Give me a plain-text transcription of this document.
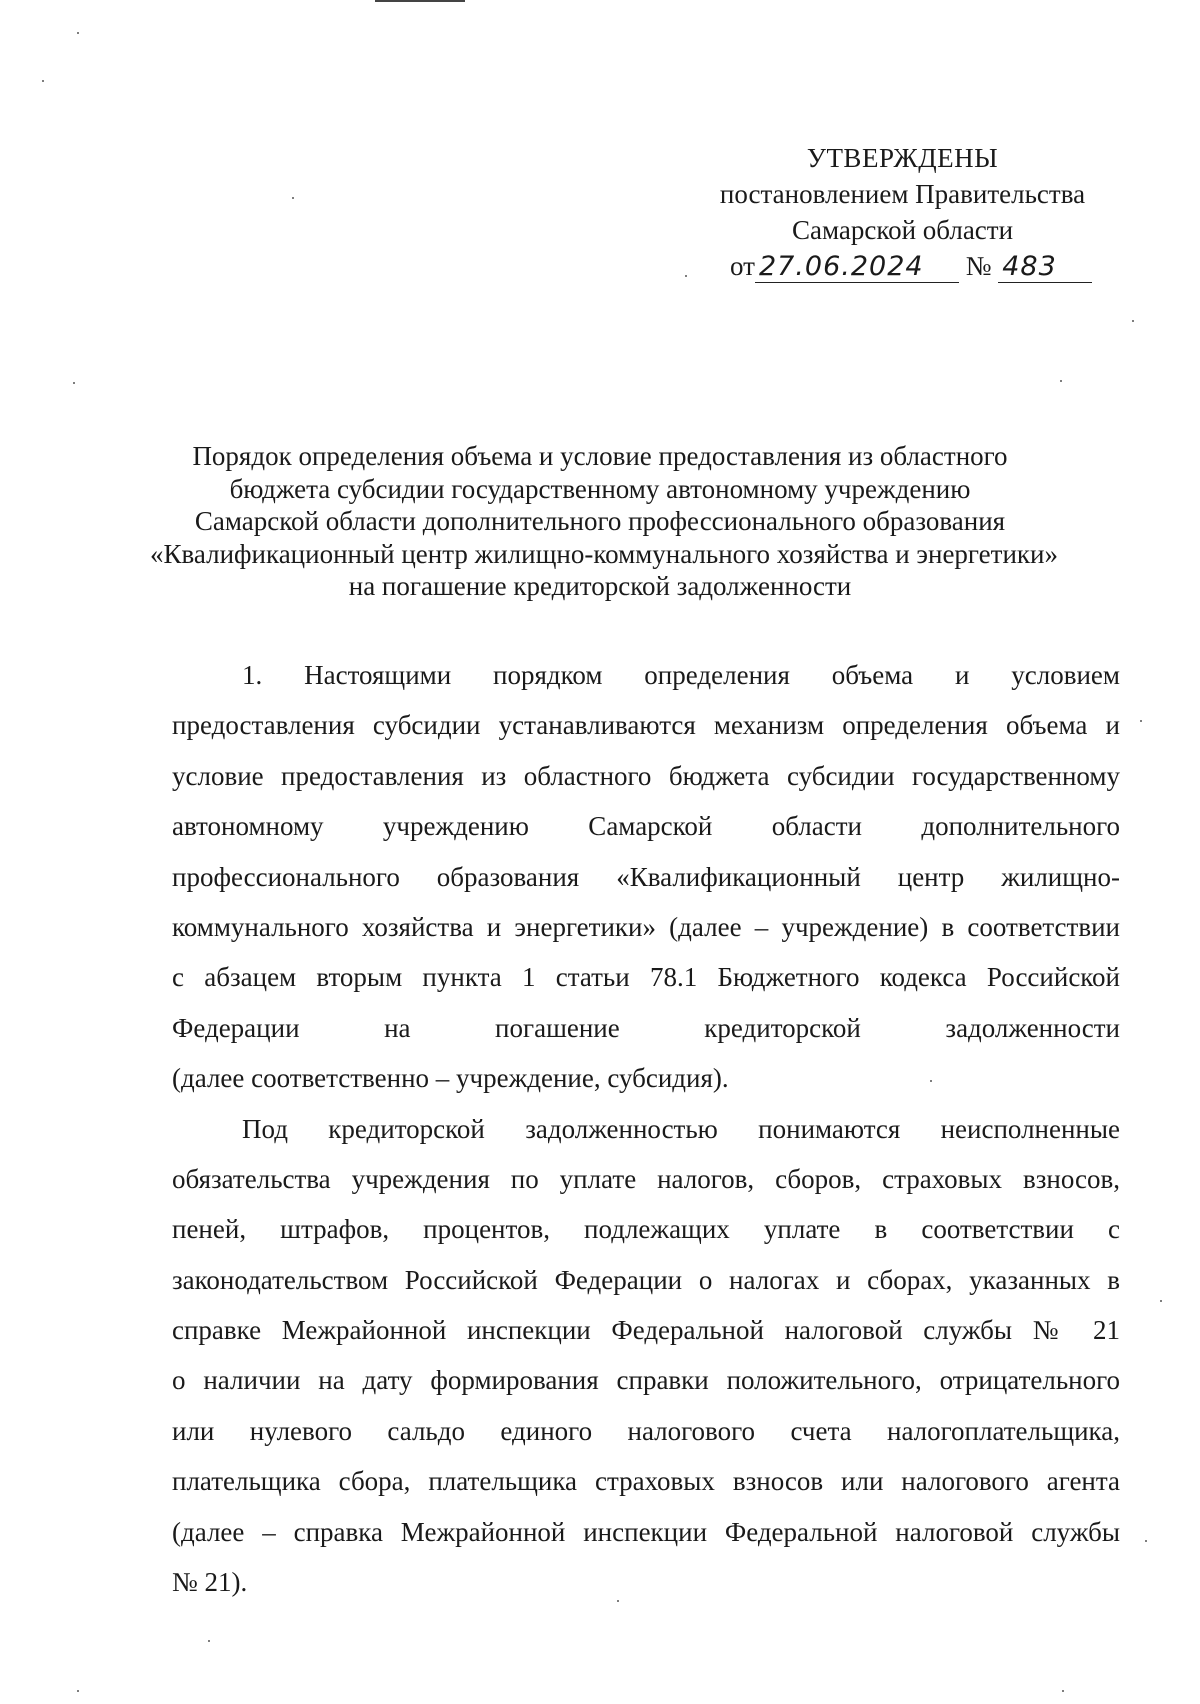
УТВЕРЖДЕНЫ
постановлением Правительства
Самарской области
от 27.06.2024 № 483
Порядок определения объема и условие предоставления из областного
бюджета субсидии государственному автономному учреждению
Самарской области дополнительного профессионального образования
«Квалификационный центр жилищно-коммунального хозяйства и энергетики»
на погашение кредиторской задолженности
1. Настоящими порядком определения объема и условием
предоставления субсидии устанавливаются механизм определения объема и
условие предоставления из областного бюджета субсидии государственному
автономному учреждению Самарской области дополнительного
профессионального образования «Квалификационный центр жилищно-
коммунального хозяйства и энергетики» (далее – учреждение) в соответствии
с абзацем вторым пункта 1 статьи 78.1 Бюджетного кодекса Российской
Федерации на погашение кредиторской задолженности
(далее соответственно – учреждение, субсидия).
Под кредиторской задолженностью понимаются неисполненные
обязательства учреждения по уплате налогов, сборов, страховых взносов,
пеней, штрафов, процентов, подлежащих уплате в соответствии с
законодательством Российской Федерации о налогах и сборах, указанных в
справке Межрайонной инспекции Федеральной налоговой службы № 21
о наличии на дату формирования справки положительного, отрицательного
или нулевого сальдо единого налогового счета налогоплательщика,
плательщика сбора, плательщика страховых взносов или налогового агента
(далее – справка Межрайонной инспекции Федеральной налоговой службы
№ 21).
